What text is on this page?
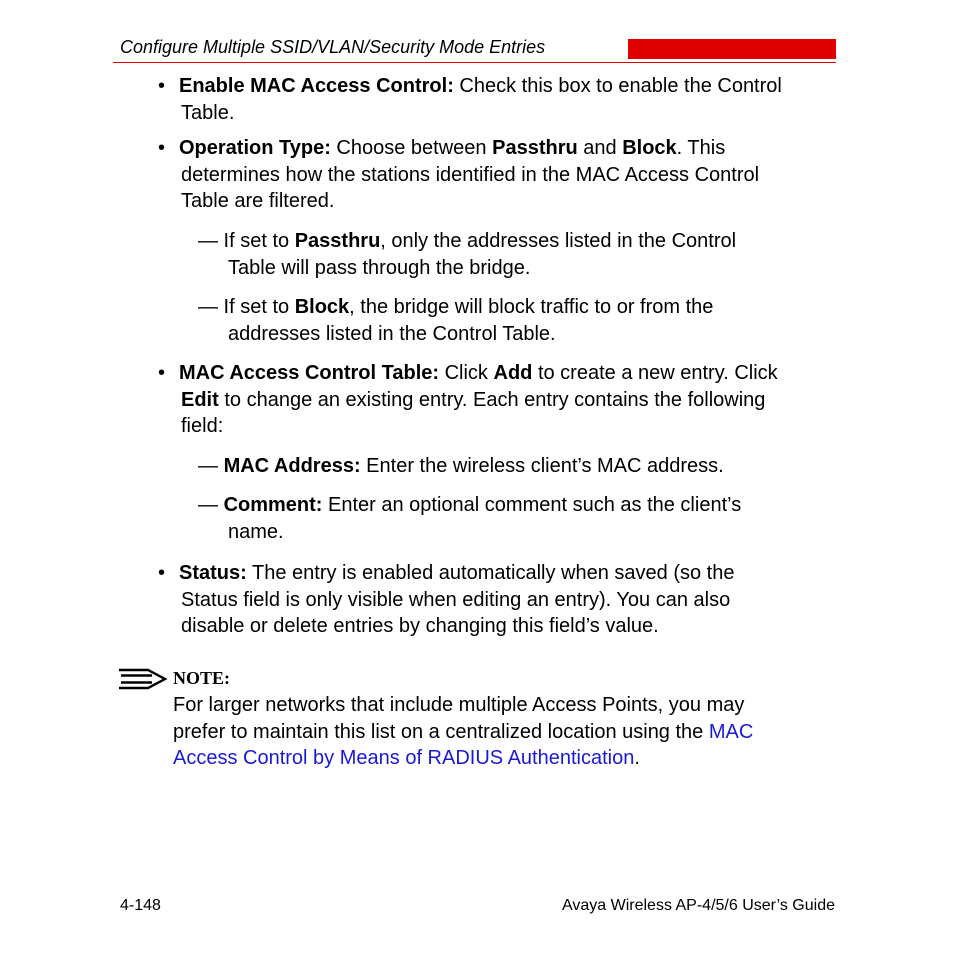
Configure Multiple SSID/VLAN/Security Mode Entries
• Enable MAC Access Control: Check this box to enable the Control
Table.
• Operation Type: Choose between Passthru and Block. This
determines how the stations identified in the MAC Access Control
Table are filtered.
— If set to Passthru, only the addresses listed in the Control
Table will pass through the bridge.
— If set to Block, the bridge will block traffic to or from the
addresses listed in the Control Table.
• MAC Access Control Table: Click Add to create a new entry. Click
Edit to change an existing entry. Each entry contains the following
field:
— MAC Address: Enter the wireless client’s MAC address.
— Comment: Enter an optional comment such as the client’s
name.
• Status: The entry is enabled automatically when saved (so the
Status field is only visible when editing an entry). You can also
disable or delete entries by changing this field’s value.
NOTE:
For larger networks that include multiple Access Points, you may
prefer to maintain this list on a centralized location using the MAC
Access Control by Means of RADIUS Authentication.
4-148	Avaya Wireless AP-4/5/6 User’s Guide
